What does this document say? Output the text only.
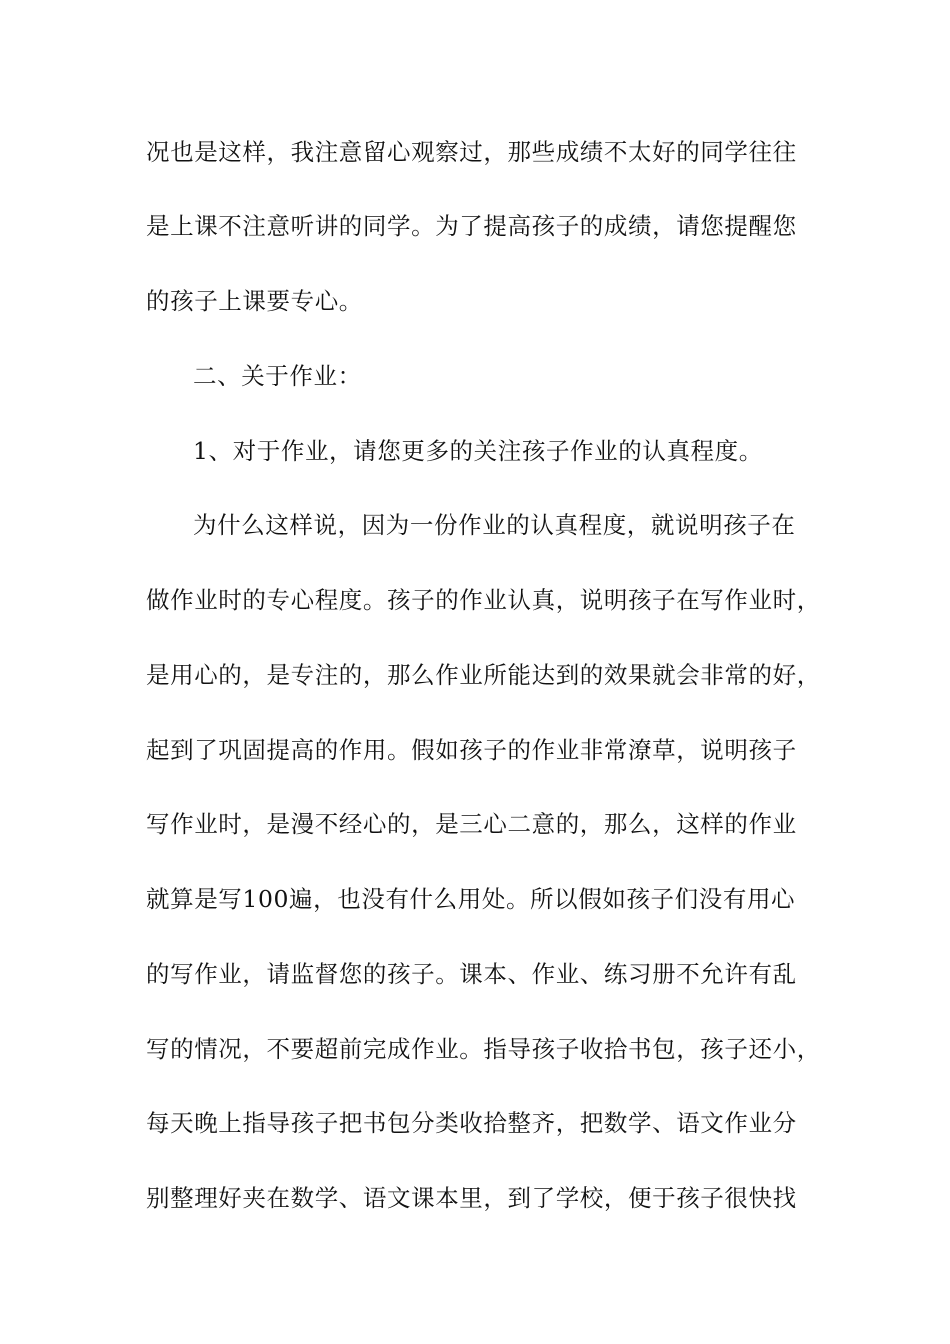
况也是这样，我注意留心观察过，那些成绩不太好的同学往往
是上课不注意听讲的同学。为了提高孩子的成绩，请您提醒您
的孩子上课要专心。
二、关于作业：
1、对于作业，请您更多的关注孩子作业的认真程度。
为什么这样说，因为一份作业的认真程度，就说明孩子在
做作业时的专心程度。孩子的作业认真，说明孩子在写作业时，
是用心的，是专注的，那么作业所能达到的效果就会非常的好，
起到了巩固提高的作用。假如孩子的作业非常潦草，说明孩子
写作业时，是漫不经心的，是三心二意的，那么，这样的作业
就算是写100遍，也没有什么用处。所以假如孩子们没有用心
的写作业，请监督您的孩子。课本、作业、练习册不允许有乱
写的情况，不要超前完成作业。指导孩子收拾书包，孩子还小，
每天晚上指导孩子把书包分类收拾整齐，把数学、语文作业分
别整理好夹在数学、语文课本里，到了学校，便于孩子很快找
